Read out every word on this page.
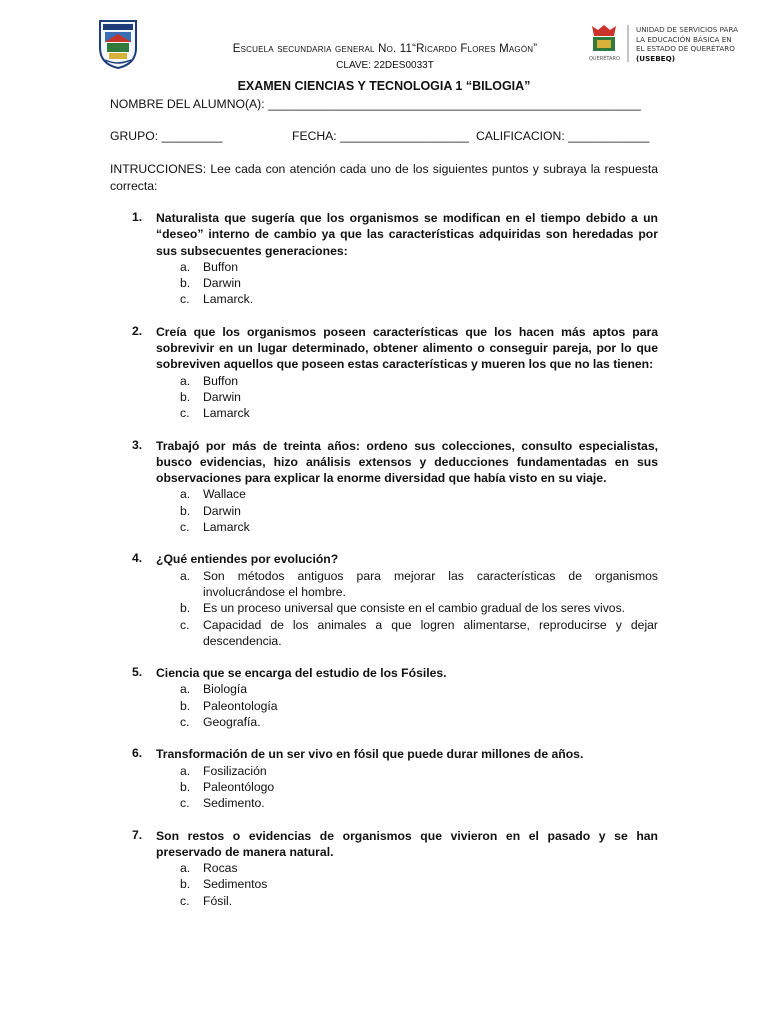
Escuela secundaria general No. 11“Ricardo Flores Magón”
CLAVE: 22DES0033T
QUERÉTARO
UNIDAD DE SERVICIOS PARA
LA EDUCACIÓN BÁSICA EN
EL ESTADO DE QUERÉTARO
(USEBEQ)
EXAMEN CIENCIAS Y TECNOLOGIA 1 “BILOGIA”
NOMBRE DEL ALUMNO(A): _______________________________________________________
GRUPO: _________	FECHA: ___________________ CALIFICACION: ____________
INTRUCCIONES: Lee cada con atención cada uno de los siguientes puntos y subraya la respuesta correcta:
1. Naturalista que sugería que los organismos se modifican en el tiempo debido a un “deseo” interno de cambio ya que las características adquiridas son heredadas por sus subsecuentes generaciones:
a. Buffon
b. Darwin
c. Lamarck.
2. Creía que los organismos poseen características que los hacen más aptos para sobrevivir en un lugar determinado, obtener alimento o conseguir pareja, por lo que sobreviven aquellos que poseen estas características y mueren los que no las tienen:
a. Buffon
b. Darwin
c. Lamarck
3. Trabajó por más de treinta años: ordeno sus colecciones, consulto especialistas, busco evidencias, hizo análisis extensos y deducciones fundamentadas en sus observaciones para explicar la enorme diversidad que había visto en su viaje.
a. Wallace
b. Darwin
c. Lamarck
4. ¿Qué entiendes por evolución?
a. Son métodos antiguos para mejorar las características de organismos involucrándose el hombre.
b. Es un proceso universal que consiste en el cambio gradual de los seres vivos.
c. Capacidad de los animales a que logren alimentarse, reproducirse y dejar descendencia.
5. Ciencia que se encarga del estudio de los Fósiles.
a. Biología
b. Paleontología
c. Geografía.
6. Transformación de un ser vivo en fósil que puede durar millones de años.
a. Fosilización
b. Paleontólogo
c. Sedimento.
7. Son restos o evidencias de organismos que vivieron en el pasado y se han preservado de manera natural.
a. Rocas
b. Sedimentos
c. Fósil.
